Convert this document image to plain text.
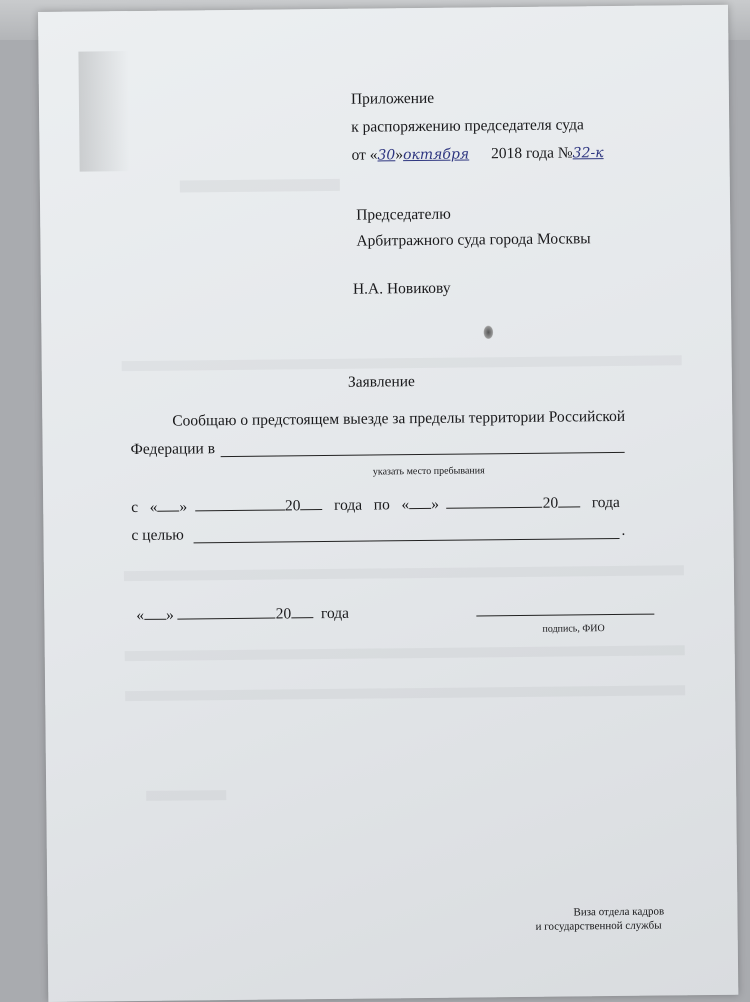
Приложение
к распоряжению председателя суда
от «30»октября 2018 года №32-к
Председателю
Арбитражного суда города Москвы
Н.А. Новикову
Заявление
Сообщаю о предстоящем выезде за пределы территории Российской
Федерации в
указать место пребывания
с « »	20 года по « »	20 года
с целью	.
« »	20 года
подпись, ФИО
Виза отдела кадров
и государственной службы
